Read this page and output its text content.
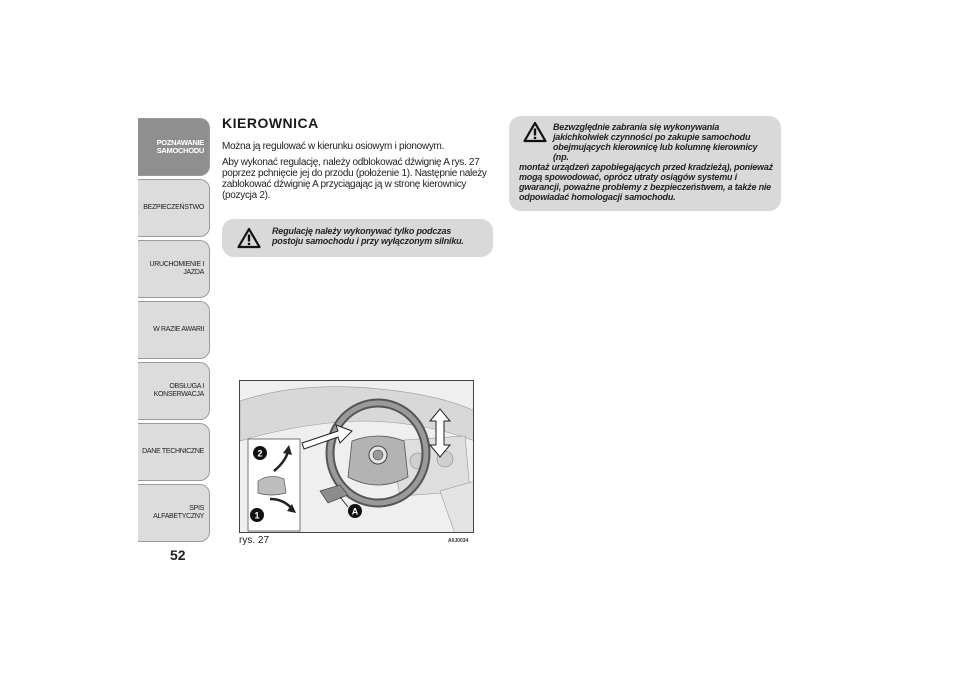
POZNAWANIE
SAMOCHODU
BEZPIECZEŃSTWO
URUCHOMIENIE I
JAZDA
W RAZIE AWARII
OBSŁUGA I
KONSERWACJA
DANE TECHNICZNE
SPIS ALFABETYCZNY
52
KIEROWNICA
Można ją regulować w kierunku osiowym i pionowym.
Aby wykonać regulację, należy odblokować dźwignię A rys. 27 poprzez pchnięcie jej do przodu (położenie 1). Następnie należy zablokować dźwignię A przyciągając ją w stronę kierownicy (pozycja 2).
Regulację należy wykonywać tylko podczas postoju samochodu i przy wyłączonym silniku.
Bezwzględnie zabrania się wykonywania jakichkolwiek czynności po zakupie samochodu obejmujących kierownicę lub kolumnę kierownicy (np.
montaż urządzeń zapobiegających przed kradzieżą), ponieważ mogą spowodować, oprócz utraty osiągów systemu i gwarancji, poważne problemy z bezpieczeństwem, a także nie odpowiadać homologacji samochodu.
2
1	A
rys. 27	A0J0034
